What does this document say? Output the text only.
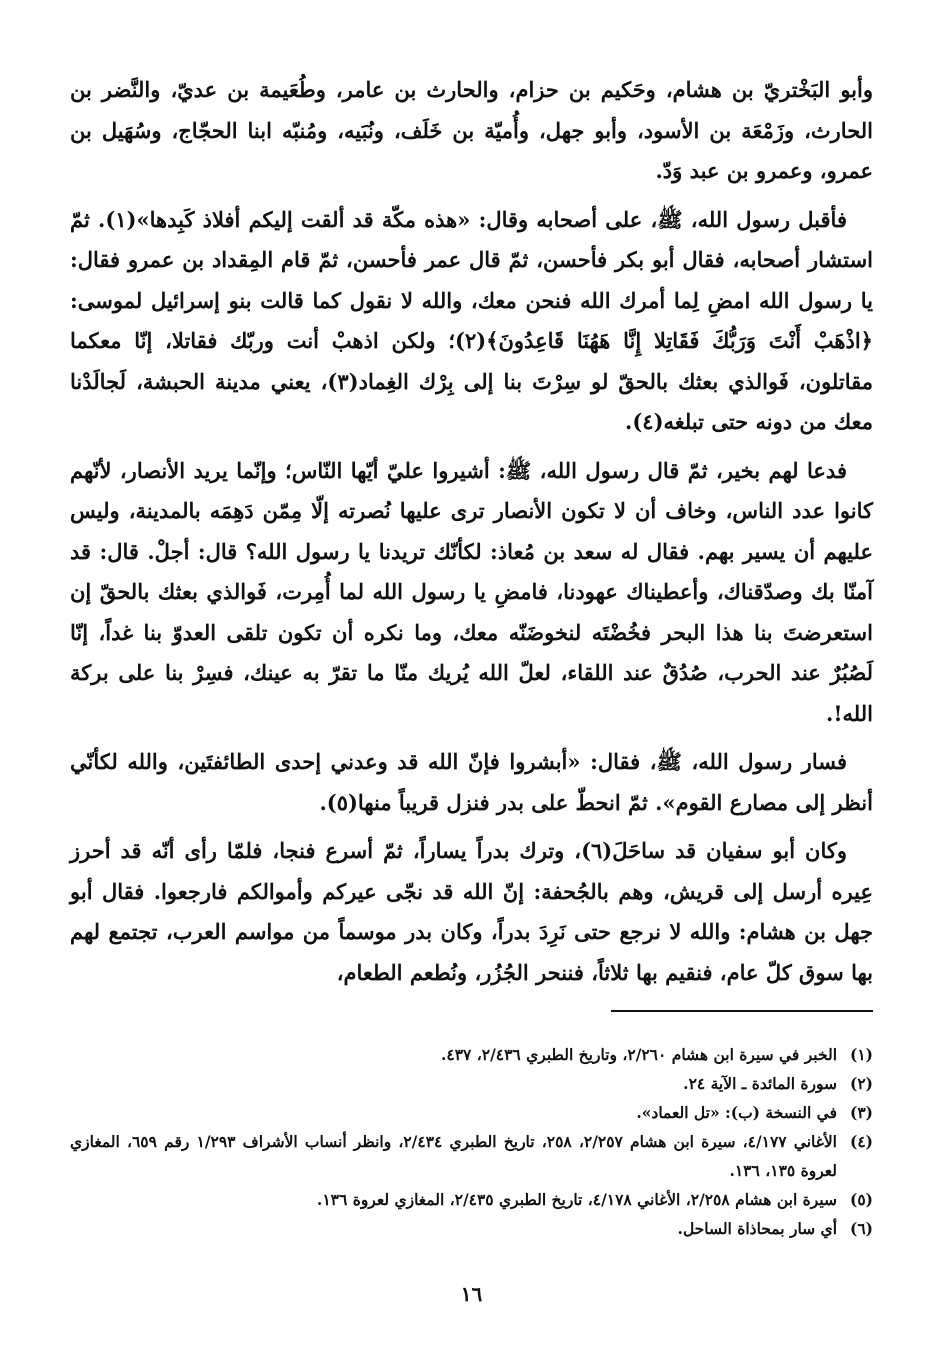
وأبو البَخْتريّ بن هشام، وحَكيم بن حزام، والحارث بن عامر، وطُعَيمة بن عديّ، والنَّضر بن الحارث، وزَمْعَة بن الأسود، وأبو جهل، وأُميّة بن خَلَف، ونُبَيه، ومُنبّه ابنا الحجّاج، وسُهَيل بن عمرو، وعمرو بن عبد وَدّ.

فأقبل رسول الله، ﷺ، على أصحابه وقال: «هذه مكّة قد ألقت إليكم أفلاذ كَبِدها»(١). ثمّ استشار أصحابه، فقال أبو بكر فأحسن، ثمّ قال عمر فأحسن، ثمّ قام المِقداد بن عمرو فقال: يا رسول الله امضِ لِما أمرك الله فنحن معك، والله لا نقول كما قالت بنو إسرائيل لموسى: ﴿اذْهَبْ أَنْتَ وَرَبُّكَ فَقَاتِلا إِنَّا هَهُنَا قَاعِدُونَ﴾(٢)؛ ولكن اذهبْ أنت وربّك فقاتلا، إنّا معكما مقاتلون، فَوالذي بعثك بالحقّ لو سِرْتَ بنا إلى بِرْك الغِماد(٣)، يعني مدينة الحبشة، لَجالَدْنا معك من دونه حتى تبلغه(٤).

فدعا لهم بخير، ثمّ قال رسول الله، ﷺ: أشيروا عليّ أيّها النّاس؛ وإنّما يريد الأنصار، لأنّهم كانوا عدد الناس، وخاف أن لا تكون الأنصار ترى عليها نُصرته إلّا مِمّن دَهِمَه بالمدينة، وليس عليهم أن يسير بهم. فقال له سعد بن مُعاذ: لكأنّك تريدنا يا رسول الله؟ قال: أجلْ. قال: قد آمنّا بك وصدّقناك، وأعطيناك عهودنا، فامضِ يا رسول الله لما أُمِرت، فَوالذي بعثك بالحقّ إن استعرضتَ بنا هذا البحر فخُضْتَه لنخوضَنّه معك، وما نكره أن تكون تلقى العدوّ بنا غداً، إنّا لَصُبُرٌ عند الحرب، صُدُقٌ عند اللقاء، لعلّ الله يُريك منّا ما تقرّ به عينك، فسِرْ بنا على بركة الله!.

فسار رسول الله، ﷺ، فقال: «أبشروا فإنّ الله قد وعدني إحدى الطائفتَين، والله لكأنّي أنظر إلى مصارع القوم». ثمّ انحطّ على بدر فنزل قريباً منها(٥).

وكان أبو سفيان قد ساحَلَ(٦)، وترك بدراً يساراً، ثمّ أسرع فنجا، فلمّا رأى أنّه قد أحرز عِيره أرسل إلى قريش، وهم بالجُحفة: إنّ الله قد نجّى عيركم وأموالكم فارجعوا. فقال أبو جهل بن هشام: والله لا نرجع حتى نَرِدَ بدراً، وكان بدر موسماً من مواسم العرب، تجتمع لهم بها سوق كلّ عام، فنقيم بها ثلاثاً، فننحر الجُزُر، ونُطعم الطعام،

(١)
الخبر في سيرة ابن هشام ٢/٢٦٠، وتاريخ الطبري ٢/٤٣٦، ٤٣٧.
(٢)
سورة المائدة ـ الآية ٢٤.
(٣)
في النسخة (ب): «تل العماد».
(٤)
الأغاني ٤/١٧٧، سيرة ابن هشام ٢/٢٥٧، ٢٥٨، تاريخ الطبري ٢/٤٣٤، وانظر أنساب الأشراف ١/٢٩٣ رقم ٦٥٩، المغازي لعروة ١٣٥، ١٣٦.
(٥)
سيرة ابن هشام ٢/٢٥٨، الأغاني ٤/١٧٨، تاريخ الطبري ٢/٤٣٥، المغازي لعروة ١٣٦.
(٦)
أي سار بمحاذاة الساحل.
١٦
